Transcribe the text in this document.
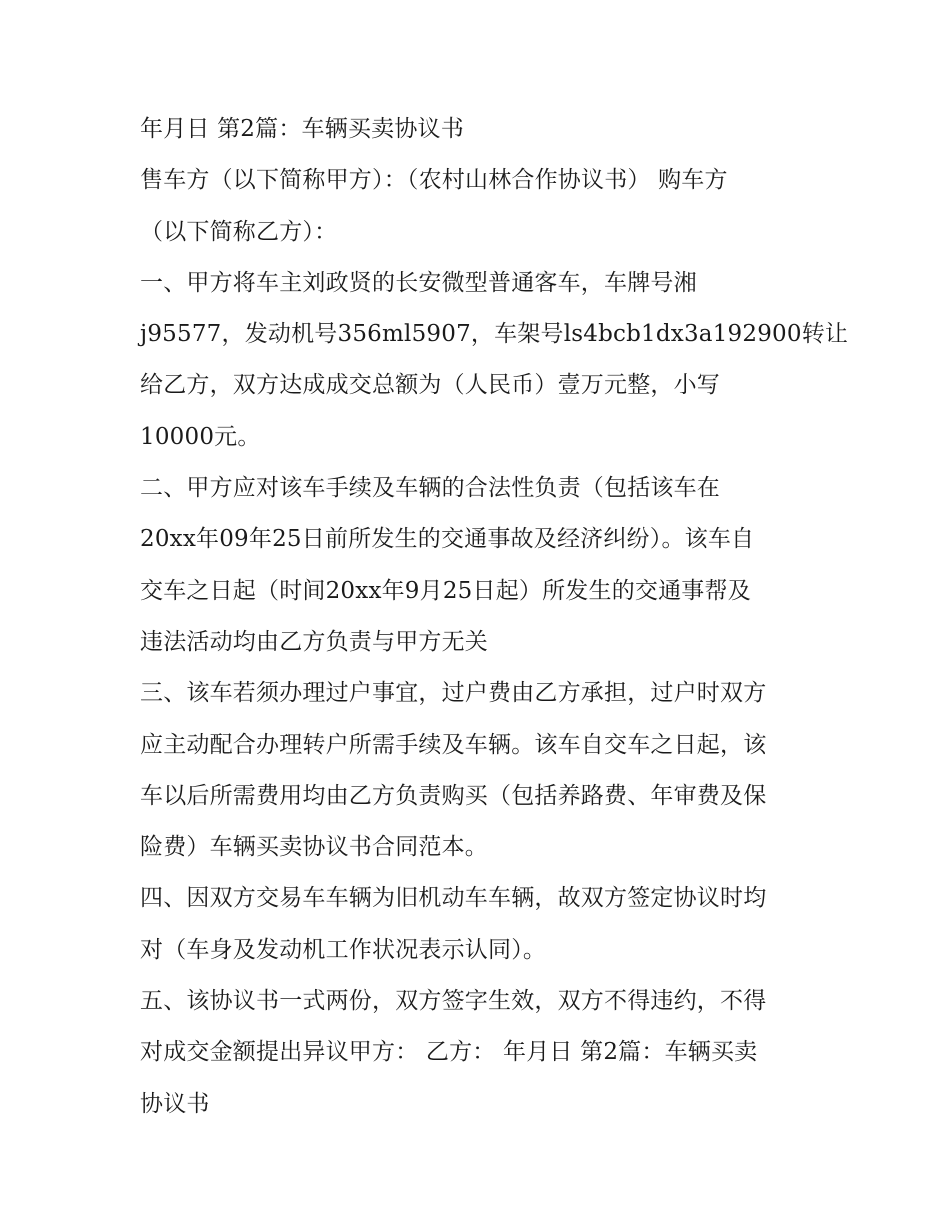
年月日 第2篇：车辆买卖协议书
售车方（以下简称甲方）：（农村山林合作协议书） 购车方
（以下简称乙方）：
一、甲方将车主刘政贤的长安微型普通客车，车牌号湘
j95577，发动机号356ml5907，车架号ls4bcb1dx3a192900转让
给乙方，双方达成成交总额为（人民币）壹万元整，小写
10000元。
二、甲方应对该车手续及车辆的合法性负责（包括该车在
20xx年09年25日前所发生的交通事故及经济纠纷）。该车自
交车之日起（时间20xx年9月25日起）所发生的交通事帮及
违法活动均由乙方负责与甲方无关
三、该车若须办理过户事宜，过户费由乙方承担，过户时双方
应主动配合办理转户所需手续及车辆。该车自交车之日起，该
车以后所需费用均由乙方负责购买（包括养路费、年审费及保
险费）车辆买卖协议书合同范本。
四、因双方交易车车辆为旧机动车车辆，故双方签定协议时均
对（车身及发动机工作状况表示认同）。
五、该协议书一式两份，双方签字生效，双方不得违约，不得
对成交金额提出异议甲方： 乙方： 年月日 第2篇：车辆买卖
协议书
